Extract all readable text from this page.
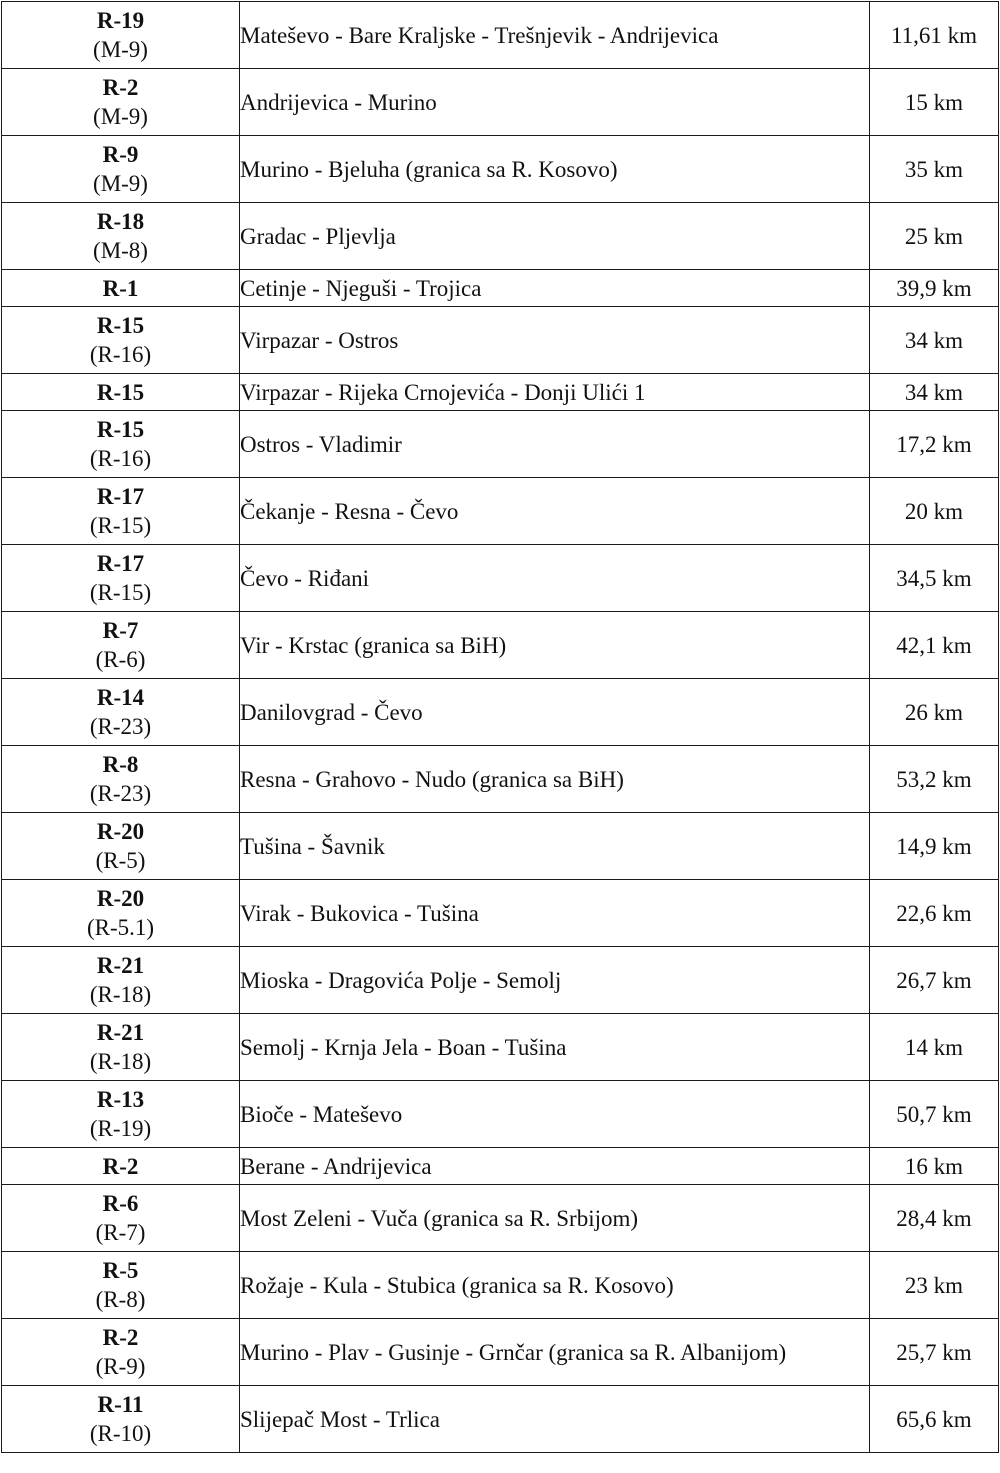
R-19
(M-9)	Mateševo - Bare Kraljske - Trešnjevik - Andrijevica	11,61 km

R-2
(M-9)	Andrijevica - Murino	15 km

R-9
(M-9)	Murino - Bjeluha (granica sa R. Kosovo)	35 km

R-18
(M-8)	Gradac - Pljevlja	25 km

R-1	Cetinje - Njeguši - Trojica	39,9 km

R-15
(R-16)	Virpazar - Ostros	34 km

R-15	Virpazar - Rijeka Crnojevića - Donji Ulići 1	34 km

R-15
(R-16)	Ostros - Vladimir	17,2 km

R-17
(R-15)	Čekanje - Resna - Čevo	20 km

R-17
(R-15)	Čevo - Riđani	34,5 km

R-7
(R-6)	Vir - Krstac (granica sa BiH)	42,1 km

R-14
(R-23)	Danilovgrad - Čevo	26 km

R-8
(R-23)	Resna - Grahovo - Nudo (granica sa BiH)	53,2 km

R-20
(R-5)	Tušina - Šavnik	14,9 km

R-20
(R-5.1)	Virak - Bukovica - Tušina	22,6 km

R-21
(R-18)	Mioska - Dragovića Polje - Semolj	26,7 km

R-21
(R-18)	Semolj - Krnja Jela - Boan - Tušina	14 km

R-13
(R-19)	Bioče - Mateševo	50,7 km

R-2	Berane - Andrijevica	16 km

R-6
(R-7)	Most Zeleni - Vuča (granica sa R. Srbijom)	28,4 km

R-5
(R-8)	Rožaje - Kula - Stubica (granica sa R. Kosovo)	23 km

R-2
(R-9)	Murino - Plav - Gusinje - Grnčar (granica sa R. Albanijom)	25,7 km

R-11
(R-10)	Slijepač Most - Trlica	65,6 km
